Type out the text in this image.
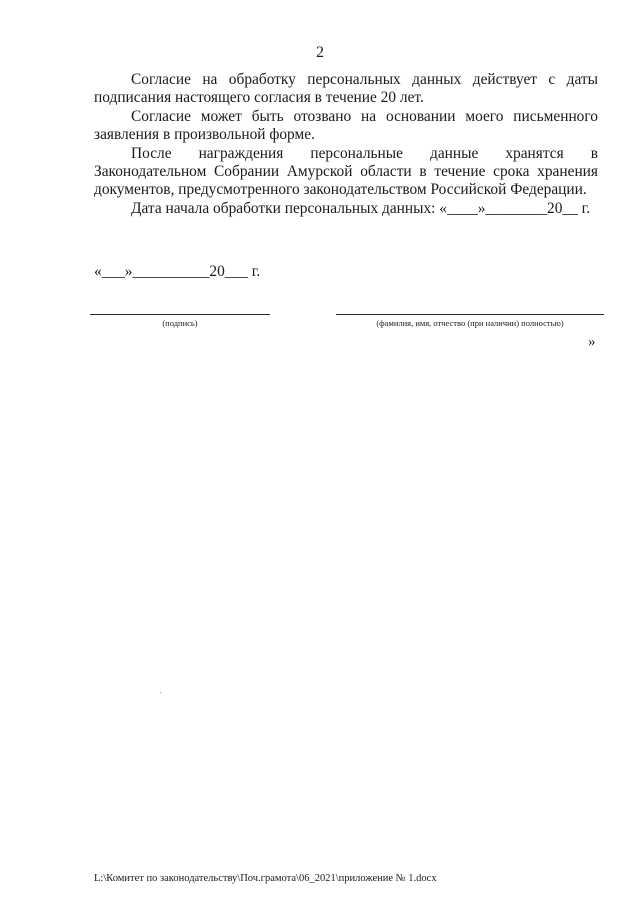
2

Согласие на обработку персональных данных действует с даты подписания настоящего согласия в течение 20 лет.

Согласие может быть отозвано на основании моего письменного заявления в произвольной форме.

После награждения персональные данные хранятся в Законодательном Собрании Амурской области в течение срока хранения документов, предусмотренного законодательством Российской Федерации.

Дата начала обработки персональных данных: «____»________20__ г.

«___»__________20___ г.
(подпись)	(фамилия, имя, отчество (при наличии) полностью)
»
L:\Комитет по законодательству\Поч.грамота\06_2021\приложение № 1.docx
